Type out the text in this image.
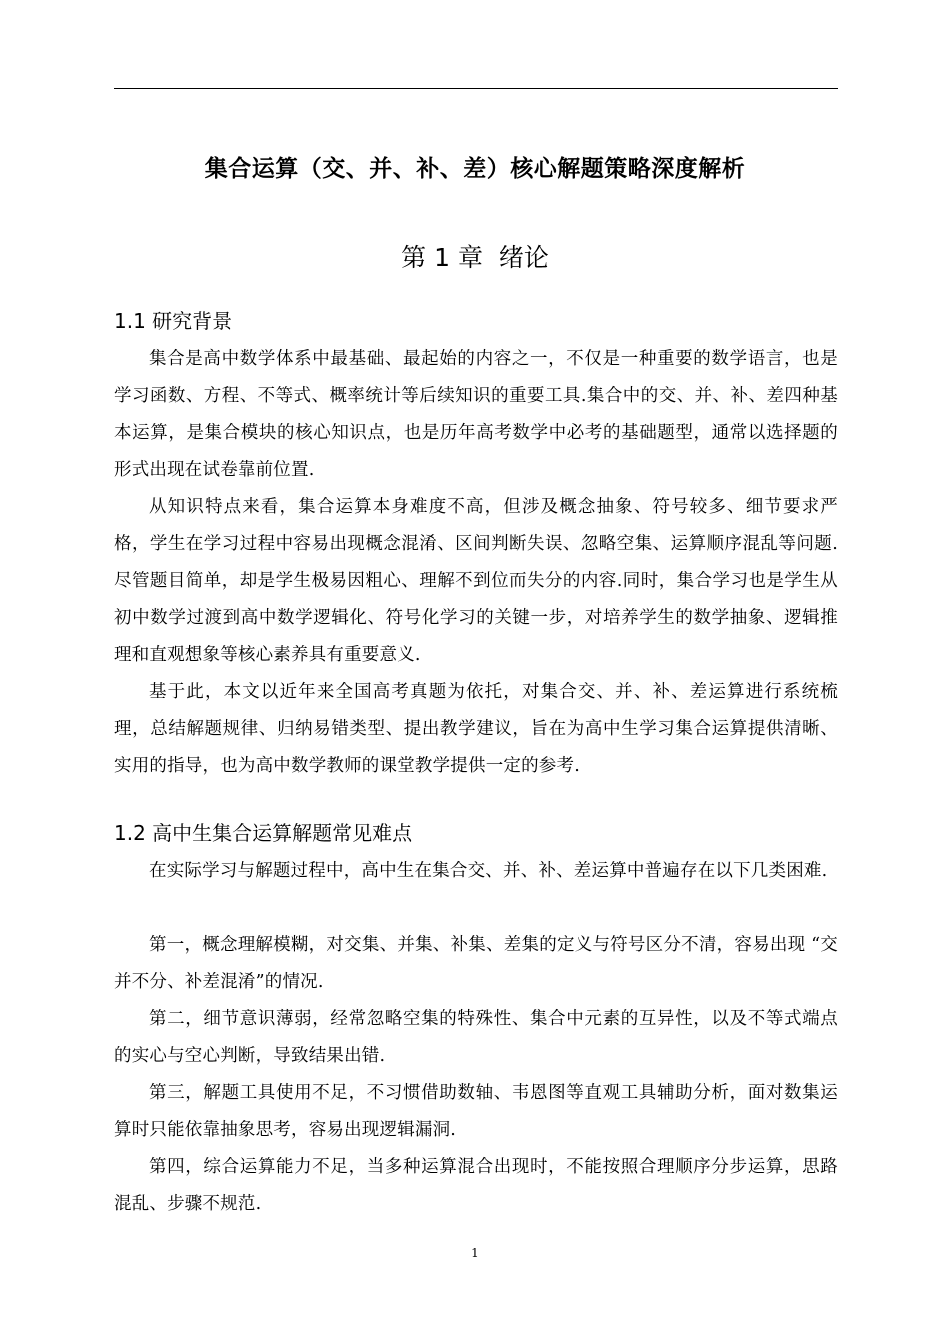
集合运算（交、并、补、差）核心解题策略深度解析
第 1 章  绪论
1.1 研究背景
集合是高中数学体系中最基础、最起始的内容之一，不仅是一种重要的数学语言，也是学习函数、方程、不等式、概率统计等后续知识的重要工具.集合中的交、并、补、差四种基本运算，是集合模块的核心知识点，也是历年高考数学中必考的基础题型，通常以选择题的形式出现在试卷靠前位置.
从知识特点来看，集合运算本身难度不高，但涉及概念抽象、符号较多、细节要求严格，学生在学习过程中容易出现概念混淆、区间判断失误、忽略空集、运算顺序混乱等问题.尽管题目简单，却是学生极易因粗心、理解不到位而失分的内容.同时，集合学习也是学生从初中数学过渡到高中数学逻辑化、符号化学习的关键一步，对培养学生的数学抽象、逻辑推理和直观想象等核心素养具有重要意义.
基于此，本文以近年来全国高考真题为依托，对集合交、并、补、差运算进行系统梳理，总结解题规律、归纳易错类型、提出教学建议，旨在为高中生学习集合运算提供清晰、实用的指导，也为高中数学教师的课堂教学提供一定的参考.
1.2 高中生集合运算解题常见难点
在实际学习与解题过程中，高中生在集合交、并、补、差运算中普遍存在以下几类困难.
第一，概念理解模糊，对交集、并集、补集、差集的定义与符号区分不清，容易出现 “交并不分、补差混淆”的情况.
第二，细节意识薄弱，经常忽略空集的特殊性、集合中元素的互异性，以及不等式端点的实心与空心判断，导致结果出错.
第三，解题工具使用不足，不习惯借助数轴、韦恩图等直观工具辅助分析，面对数集运算时只能依靠抽象思考，容易出现逻辑漏洞.
第四，综合运算能力不足，当多种运算混合出现时，不能按照合理顺序分步运算，思路混乱、步骤不规范.
1
